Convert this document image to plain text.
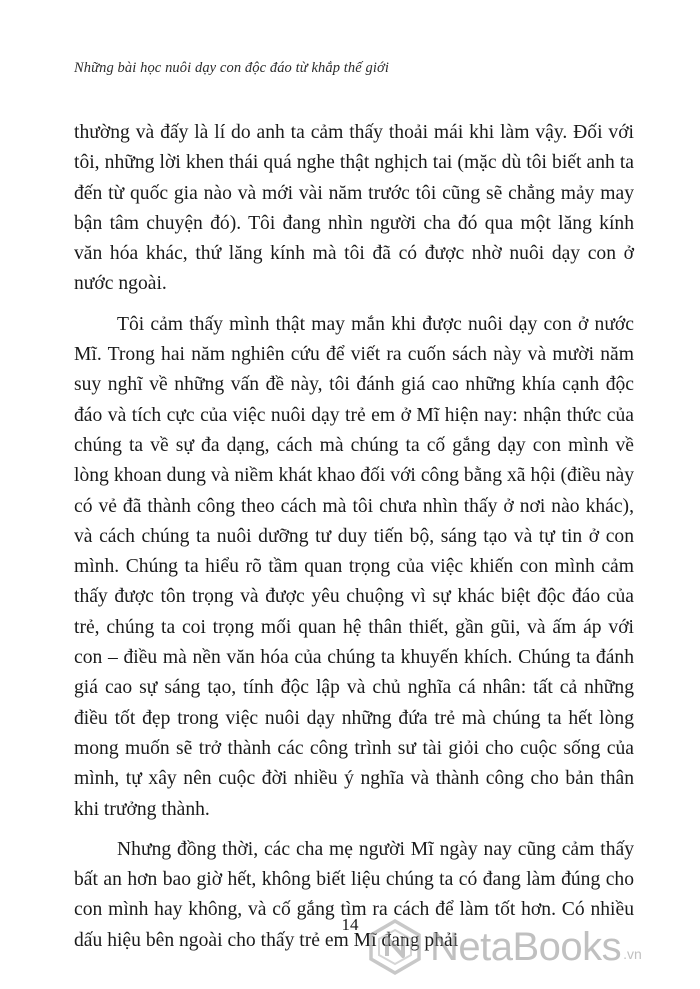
Những bài học nuôi dạy con độc đáo từ khắp thế giới

thường và đấy là lí do anh ta cảm thấy thoải mái khi làm vậy. Đối với tôi, những lời khen thái quá nghe thật nghịch tai (mặc dù tôi biết anh ta đến từ quốc gia nào và mới vài năm trước tôi cũng sẽ chẳng mảy may bận tâm chuyện đó). Tôi đang nhìn người cha đó qua một lăng kính văn hóa khác, thứ lăng kính mà tôi đã có được nhờ nuôi dạy con ở nước ngoài.

Tôi cảm thấy mình thật may mắn khi được nuôi dạy con ở nước Mĩ. Trong hai năm nghiên cứu để viết ra cuốn sách này và mười năm suy nghĩ về những vấn đề này, tôi đánh giá cao những khía cạnh độc đáo và tích cực của việc nuôi dạy trẻ em ở Mĩ hiện nay: nhận thức của chúng ta về sự đa dạng, cách mà chúng ta cố gắng dạy con mình về lòng khoan dung và niềm khát khao đối với công bằng xã hội (điều này có vẻ đã thành công theo cách mà tôi chưa nhìn thấy ở nơi nào khác), và cách chúng ta nuôi dưỡng tư duy tiến bộ, sáng tạo và tự tin ở con mình. Chúng ta hiểu rõ tầm quan trọng của việc khiến con mình cảm thấy được tôn trọng và được yêu chuộng vì sự khác biệt độc đáo của trẻ, chúng ta coi trọng mối quan hệ thân thiết, gần gũi, và ấm áp với con – điều mà nền văn hóa của chúng ta khuyến khích. Chúng ta đánh giá cao sự sáng tạo, tính độc lập và chủ nghĩa cá nhân: tất cả những điều tốt đẹp trong việc nuôi dạy những đứa trẻ mà chúng ta hết lòng mong muốn sẽ trở thành các công trình sư tài giỏi cho cuộc sống của mình, tự xây nên cuộc đời nhiều ý nghĩa và thành công cho bản thân khi trưởng thành.

Nhưng đồng thời, các cha mẹ người Mĩ ngày nay cũng cảm thấy bất an hơn bao giờ hết, không biết liệu chúng ta có đang làm đúng cho con mình hay không, và cố gắng tìm ra cách để làm tốt hơn. Có nhiều dấu hiệu bên ngoài cho thấy trẻ em Mĩ đang phải

14	NetaBooks .vn
